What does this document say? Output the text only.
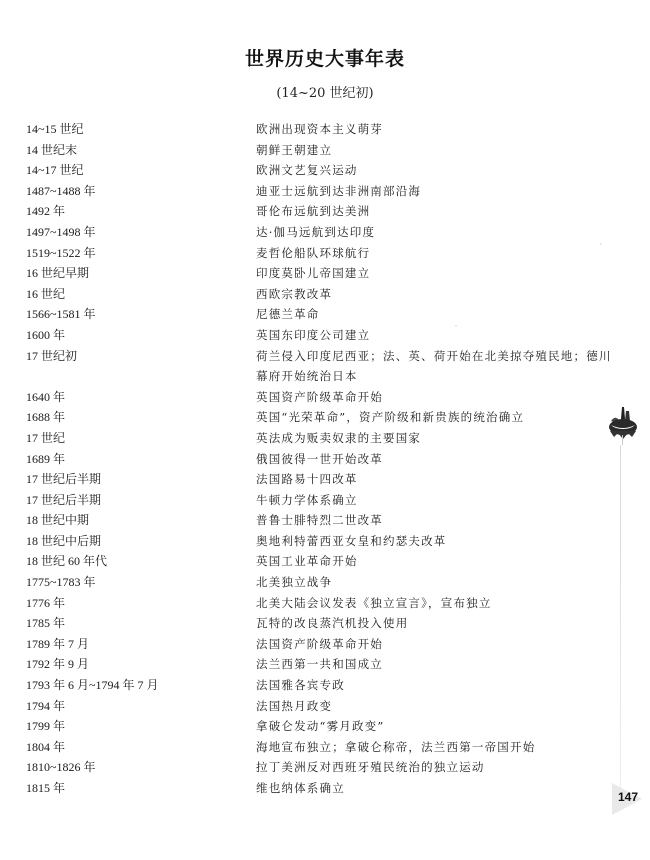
世界历史大事年表
(14~20 世纪初)
14~15 世纪	欧洲出现资本主义萌芽
14 世纪末	朝鲜王朝建立
14~17 世纪	欧洲文艺复兴运动
1487~1488 年	迪亚士远航到达非洲南部沿海
1492 年	哥伦布远航到达美洲
1497~1498 年	达·伽马远航到达印度
1519~1522 年	麦哲伦船队环球航行
16 世纪早期	印度莫卧儿帝国建立
16 世纪	西欧宗教改革
1566~1581 年	尼德兰革命
1600 年	英国东印度公司建立
17 世纪初	荷兰侵入印度尼西亚；法、英、荷开始在北美掠夺殖民地；德川幕府开始统治日本
1640 年	英国资产阶级革命开始
1688 年	英国“光荣革命”，资产阶级和新贵族的统治确立
17 世纪	英法成为贩卖奴隶的主要国家
1689 年	俄国彼得一世开始改革
17 世纪后半期	法国路易十四改革
17 世纪后半期	牛顿力学体系确立
18 世纪中期	普鲁士腓特烈二世改革
18 世纪中后期	奥地利特蕾西亚女皇和约瑟夫改革
18 世纪 60 年代	英国工业革命开始
1775~1783 年	北美独立战争
1776 年	北美大陆会议发表《独立宣言》，宣布独立
1785 年	瓦特的改良蒸汽机投入使用
1789 年 7 月	法国资产阶级革命开始
1792 年 9 月	法兰西第一共和国成立
1793 年 6 月~1794 年 7 月	法国雅各宾专政
1794 年	法国热月政变
1799 年	拿破仑发动“雾月政变”
1804 年	海地宣布独立；拿破仑称帝，法兰西第一帝国开始
1810~1826 年	拉丁美洲反对西班牙殖民统治的独立运动
1815 年	维也纳体系确立
147
